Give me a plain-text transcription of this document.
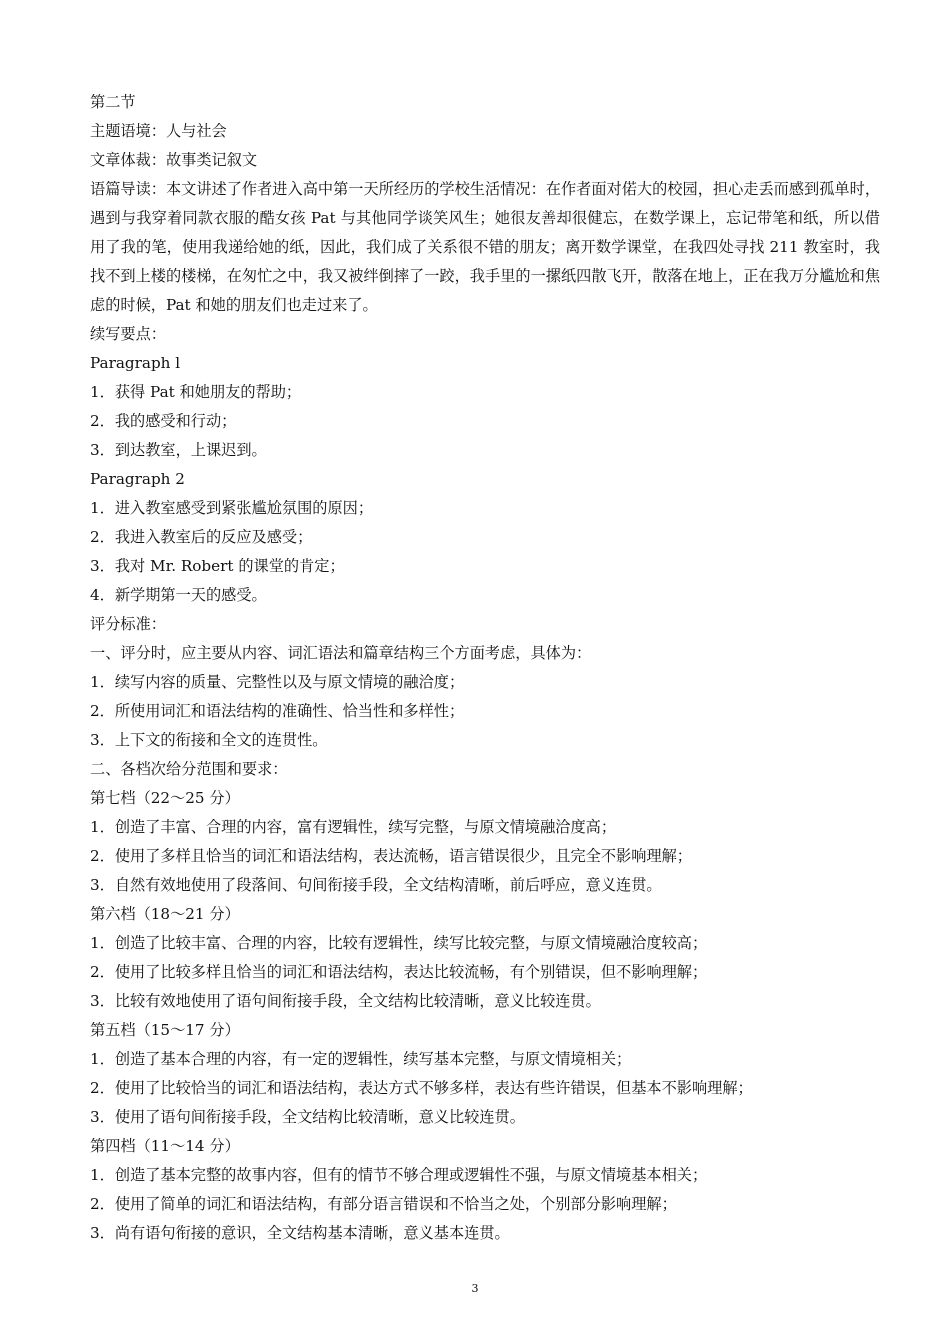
第二节
主题语境：人与社会
文章体裁：故事类记叙文
语篇导读：本文讲述了作者进入高中第一天所经历的学校生活情况：在作者面对偌大的校园，担心走丢而感到孤单时，遇到与我穿着同款衣服的酷女孩 Pat 与其他同学谈笑风生；她很友善却很健忘，在数学课上，忘记带笔和纸，所以借用了我的笔，使用我递给她的纸，因此，我们成了关系很不错的朋友；离开数学课堂，在我四处寻找 211 教室时，我找不到上楼的楼梯，在匆忙之中，我又被绊倒摔了一跤，我手里的一摞纸四散飞开，散落在地上，正在我万分尴尬和焦虑的时候，Pat 和她的朋友们也走过来了。
续写要点：
Paragraph l
1．获得 Pat 和她朋友的帮助；
2．我的感受和行动；
3．到达教室，上课迟到。
Paragraph 2
1．进入教室感受到紧张尴尬氛围的原因；
2．我进入教室后的反应及感受；
3．我对 Mr. Robert 的课堂的肯定；
4．新学期第一天的感受。
评分标准：
一、评分时，应主要从内容、词汇语法和篇章结构三个方面考虑，具体为：
1．续写内容的质量、完整性以及与原文情境的融洽度；
2．所使用词汇和语法结构的准确性、恰当性和多样性；
3．上下文的衔接和全文的连贯性。
二、各档次给分范围和要求：
第七档（22～25 分）
1．创造了丰富、合理的内容，富有逻辑性，续写完整，与原文情境融洽度高；
2．使用了多样且恰当的词汇和语法结构，表达流畅，语言错误很少，且完全不影响理解；
3．自然有效地使用了段落间、句间衔接手段，全文结构清晰，前后呼应，意义连贯。
第六档（18～21 分）
1．创造了比较丰富、合理的内容，比较有逻辑性，续写比较完整，与原文情境融洽度较高；
2．使用了比较多样且恰当的词汇和语法结构，表达比较流畅，有个别错误，但不影响理解；
3．比较有效地使用了语句间衔接手段，全文结构比较清晰，意义比较连贯。
第五档（15～17 分）
1．创造了基本合理的内容，有一定的逻辑性，续写基本完整，与原文情境相关；
2．使用了比较恰当的词汇和语法结构，表达方式不够多样，表达有些许错误，但基本不影响理解；
3．使用了语句间衔接手段，全文结构比较清晰，意义比较连贯。
第四档（11～14 分）
1．创造了基本完整的故事内容，但有的情节不够合理或逻辑性不强，与原文情境基本相关；
2．使用了简单的词汇和语法结构，有部分语言错误和不恰当之处，个别部分影响理解；
3．尚有语句衔接的意识，全文结构基本清晰，意义基本连贯。
3
